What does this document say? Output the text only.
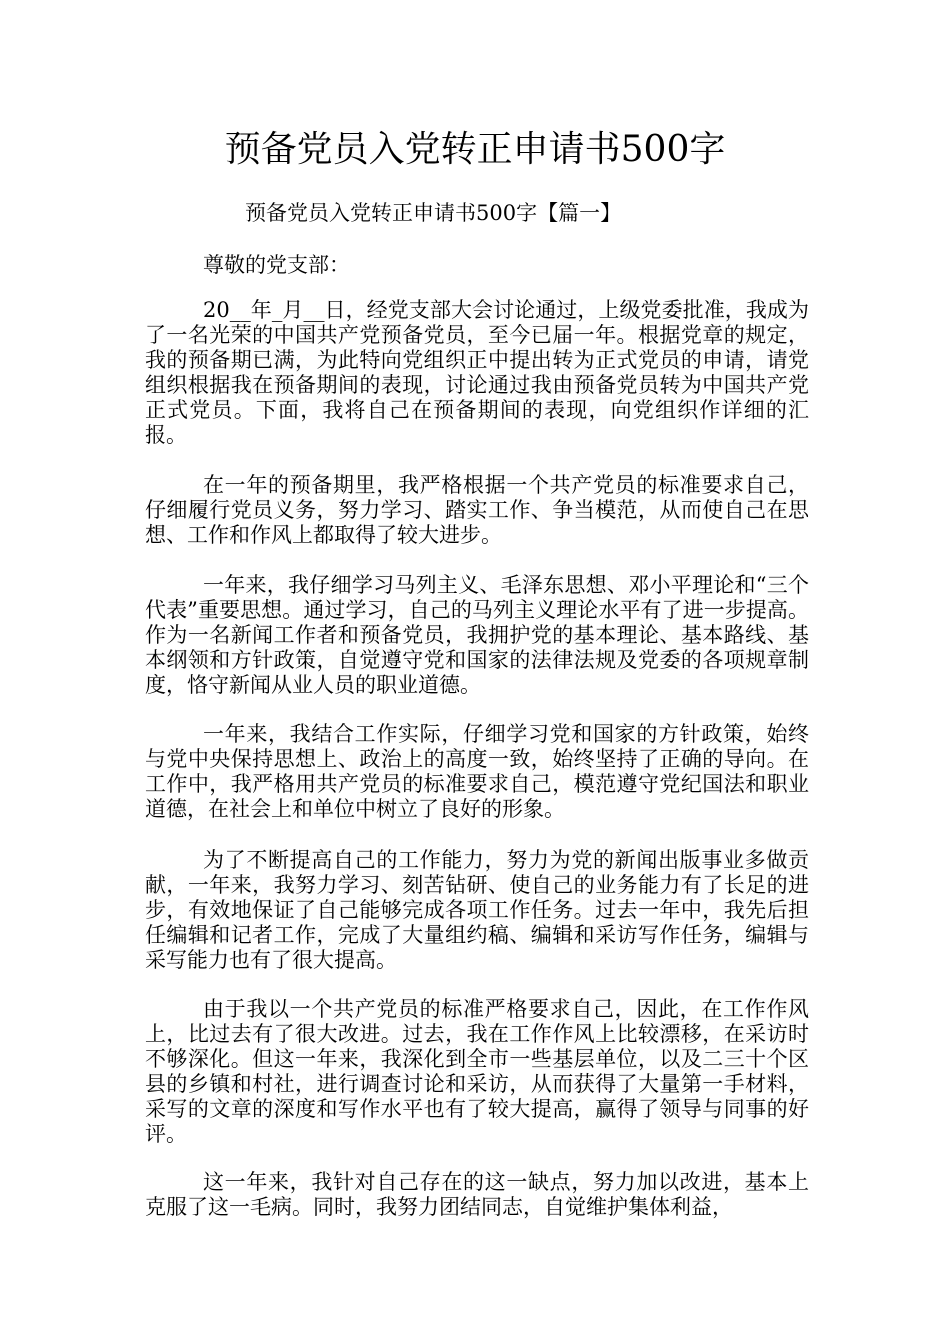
预备党员入党转正申请书500字

预备党员入党转正申请书500字【篇一】

尊敬的党支部：

20__年_月__日，经党支部大会讨论通过，上级党委批准，我成为了一名光荣的中国共产党预备党员，至今已届一年。根据党章的规定，我的预备期已满，为此特向党组织正中提出转为正式党员的申请，请党组织根据我在预备期间的表现，讨论通过我由预备党员转为中国共产党正式党员。下面，我将自己在预备期间的表现，向党组织作详细的汇报。

在一年的预备期里，我严格根据一个共产党员的标准要求自己，仔细履行党员义务，努力学习、踏实工作、争当模范，从而使自己在思想、工作和作风上都取得了较大进步。

一年来，我仔细学习马列主义、毛泽东思想、邓小平理论和“三个代表”重要思想。通过学习，自己的马列主义理论水平有了进一步提高。作为一名新闻工作者和预备党员，我拥护党的基本理论、基本路线、基本纲领和方针政策，自觉遵守党和国家的法律法规及党委的各项规章制度，恪守新闻从业人员的职业道德。

一年来，我结合工作实际，仔细学习党和国家的方针政策，始终与党中央保持思想上、政治上的高度一致，始终坚持了正确的导向。在工作中，我严格用共产党员的标准要求自己，模范遵守党纪国法和职业道德，在社会上和单位中树立了良好的形象。

为了不断提高自己的工作能力，努力为党的新闻出版事业多做贡献，一年来，我努力学习、刻苦钻研、使自己的业务能力有了长足的进步，有效地保证了自己能够完成各项工作任务。过去一年中，我先后担任编辑和记者工作，完成了大量组约稿、编辑和采访写作任务，编辑与采写能力也有了很大提高。

由于我以一个共产党员的标准严格要求自己，因此，在工作作风上，比过去有了很大改进。过去，我在工作作风上比较漂移，在采访时不够深化。但这一年来，我深化到全市一些基层单位，以及二三十个区县的乡镇和村社，进行调查讨论和采访，从而获得了大量第一手材料，采写的文章的深度和写作水平也有了较大提高，赢得了领导与同事的好评。

这一年来，我针对自己存在的这一缺点，努力加以改进，基本上克服了这一毛病。同时，我努力团结同志，自觉维护集体利益，
